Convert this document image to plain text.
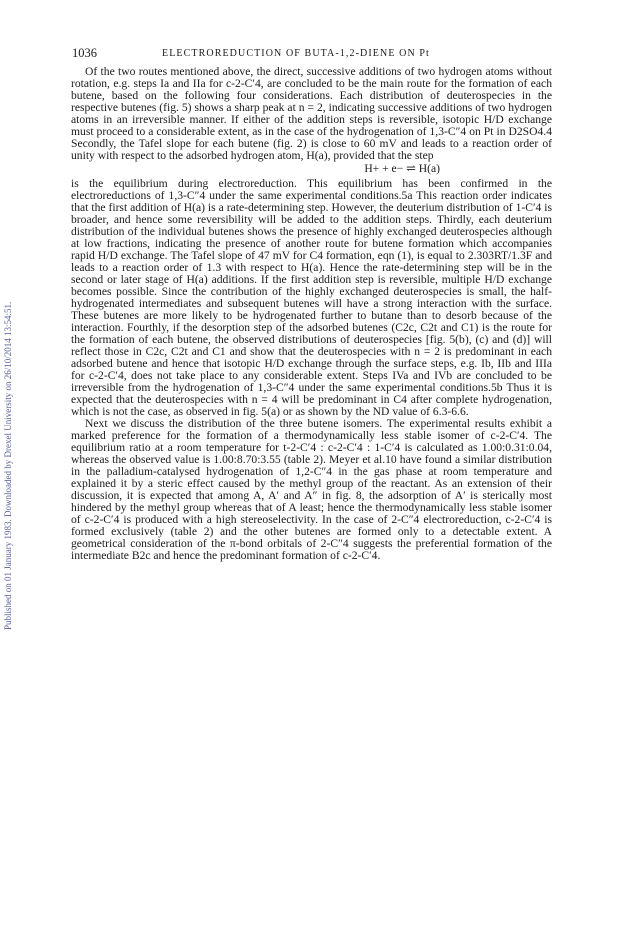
1036	ELECTROREDUCTION OF BUTA-1,2-DIENE ON Pt
Published on 01 January 1983. Downloaded by Drexel University on 26/10/2014 13:54:51.

Of the two routes mentioned above, the direct, successive additions of two hydrogen atoms without rotation, e.g. steps Ia and IIa for c-2-C′4, are concluded to be the main route for the formation of each butene, based on the following four considerations. Each distribution of deuterospecies in the respective butenes (fig. 5) shows a sharp peak at n = 2, indicating successive additions of two hydrogen atoms in an irreversible manner. If either of the addition steps is reversible, isotopic H/D exchange must proceed to a considerable extent, as in the case of the hydrogenation of 1,3-C″4 on Pt in D2SO4.4 Secondly, the Tafel slope for each butene (fig. 2) is close to 60 mV and leads to a reaction order of unity with respect to the adsorbed hydrogen atom, H(a), provided that the step

H+ + e− ⇌ H(a)

is the equilibrium during electroreduction. This equilibrium has been confirmed in the electroreductions of 1,3-C″4 under the same experimental conditions.5a This reaction order indicates that the first addition of H(a) is a rate-determining step. However, the deuterium distribution of 1-C′4 is broader, and hence some reversibility will be added to the addition steps. Thirdly, each deuterium distribution of the individual butenes shows the presence of highly exchanged deuterospecies although at low fractions, indicating the presence of another route for butene formation which accompanies rapid H/D exchange. The Tafel slope of 47 mV for C4 formation, eqn (1), is equal to 2.303RT/1.3F and leads to a reaction order of 1.3 with respect to H(a). Hence the rate-determining step will be in the second or later stage of H(a) additions. If the first addition step is reversible, multiple H/D exchange becomes possible. Since the contribution of the highly exchanged deuterospecies is small, the half-hydrogenated intermediates and subsequent butenes will have a strong interaction with the surface. These butenes are more likely to be hydrogenated further to butane than to desorb because of the interaction. Fourthly, if the desorption step of the adsorbed butenes (C2c, C2t and C1) is the route for the formation of each butene, the observed distributions of deuterospecies [fig. 5(b), (c) and (d)] will reflect those in C2c, C2t and C1 and show that the deuterospecies with n = 2 is predominant in each adsorbed butene and hence that isotopic H/D exchange through the surface steps, e.g. Ib, IIb and IIIa for c-2-C′4, does not take place to any considerable extent. Steps IVa and IVb are concluded to be irreversible from the hydrogenation of 1,3-C″4 under the same experimental conditions.5b Thus it is expected that the deuterospecies with n = 4 will be predominant in C4 after complete hydrogenation, which is not the case, as observed in fig. 5(a) or as shown by the ND value of 6.3-6.6.

Next we discuss the distribution of the three butene isomers. The experimental results exhibit a marked preference for the formation of a thermodynamically less stable isomer of c-2-C′4. The equilibrium ratio at a room temperature for t-2-C′4 : c-2-C′4 : 1-C′4 is calculated as 1.00:0.31:0.04, whereas the observed value is 1.00:8.70:3.55 (table 2). Meyer et al.10 have found a similar distribution in the palladium-catalysed hydrogenation of 1,2-C″4 in the gas phase at room temperature and explained it by a steric effect caused by the methyl group of the reactant. As an extension of their discussion, it is expected that among A, A′ and A″ in fig. 8, the adsorption of A′ is sterically most hindered by the methyl group whereas that of A least; hence the thermodynamically less stable isomer of c-2-C′4 is produced with a high stereoselectivity. In the case of 2-C″4 electroreduction, c-2-C′4 is formed exclusively (table 2) and the other butenes are formed only to a detectable extent. A geometrical consideration of the π-bond orbitals of 2-C″4 suggests the preferential formation of the intermediate B2c and hence the predominant formation of c-2-C′4.
